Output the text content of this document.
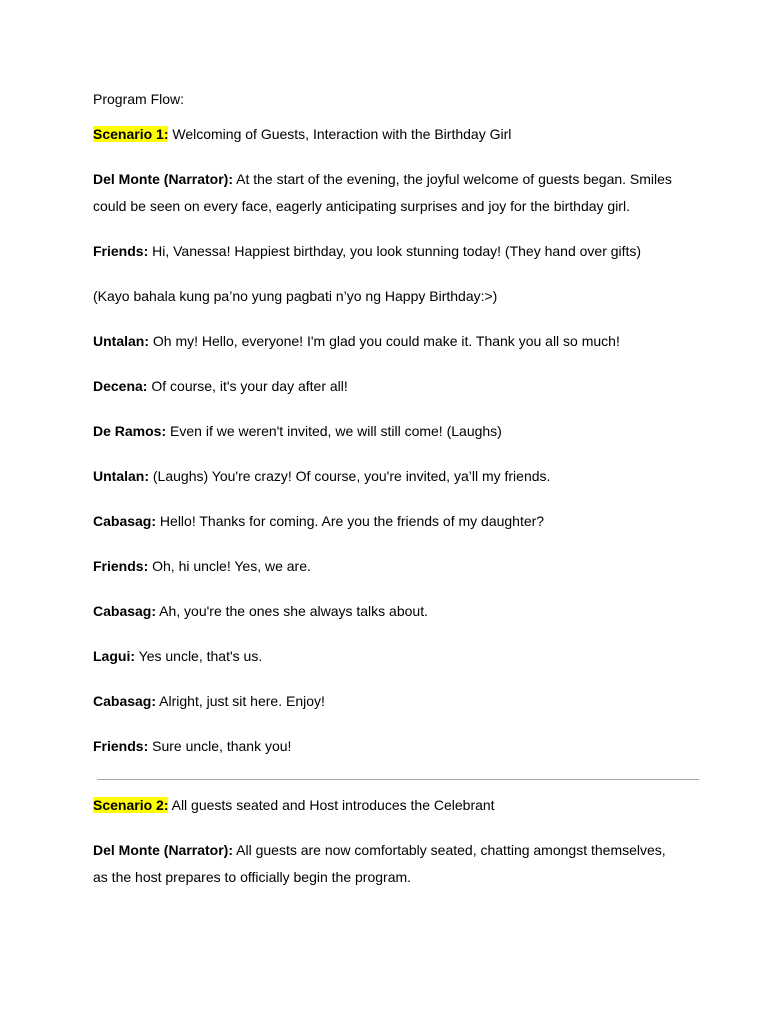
Program Flow:

Scenario 1: Welcoming of Guests, Interaction with the Birthday Girl

Del Monte (Narrator): At the start of the evening, the joyful welcome of guests began. Smiles could be seen on every face, eagerly anticipating surprises and joy for the birthday girl.

Friends: Hi, Vanessa! Happiest birthday, you look stunning today! (They hand over gifts)

(Kayo bahala kung pa’no yung pagbati n’yo ng Happy Birthday:>)

Untalan: Oh my! Hello, everyone! I'm glad you could make it. Thank you all so much!

Decena: Of course, it's your day after all!

De Ramos: Even if we weren't invited, we will still come! (Laughs)

Untalan: (Laughs) You're crazy! Of course, you're invited, ya’ll my friends.

Cabasag: Hello! Thanks for coming. Are you the friends of my daughter?

Friends: Oh, hi uncle! Yes, we are.

Cabasag: Ah, you're the ones she always talks about.

Lagui: Yes uncle, that's us.

Cabasag: Alright, just sit here. Enjoy!

Friends: Sure uncle, thank you!

Scenario 2: All guests seated and Host introduces the Celebrant

Del Monte (Narrator): All guests are now comfortably seated, chatting amongst themselves, as the host prepares to officially begin the program.
